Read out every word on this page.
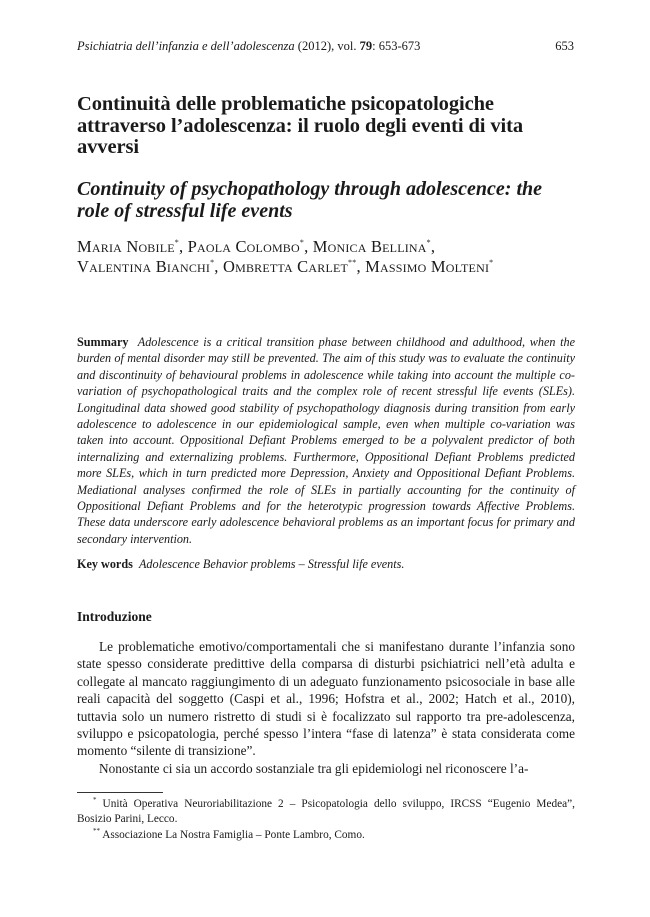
Psichiatria dell’infanzia e dell’adolescenza (2012), vol. 79: 653-673	653
Continuità delle problematiche psicopatologiche attraverso l’adolescenza: il ruolo degli eventi di vita avversi
Continuity of psychopathology through adolescence: the role of stressful life events
Maria Nobile*, Paola Colombo*, Monica Bellina*,
Valentina Bianchi*, Ombretta Carlet**, Massimo Molteni*
Summary Adolescence is a critical transition phase between childhood and adulthood, when the burden of mental disorder may still be prevented. The aim of this study was to evaluate the continuity and discontinuity of behavioural problems in adolescence while taking into account the multiple co-variation of psychopathological traits and the complex role of recent stressful life events (SLEs). Longitudinal data showed good stability of psychopathology diagnosis during transition from early adolescence to adolescence in our epidemiological sample, even when multiple co-variation was taken into account. Oppositional Defiant Problems emerged to be a polyvalent predictor of both internalizing and externalizing problems. Furthermore, Oppositional Defiant Problems predicted more SLEs, which in turn predicted more Depression, Anxiety and Oppositional Defiant Problems. Mediational analyses confirmed the role of SLEs in partially accounting for the continuity of Oppositional Defiant Problems and for the heterotypic progression towards Affective Problems. These data underscore early adolescence behavioral problems as an important focus for primary and secondary intervention.
Key words Adolescence Behavior problems – Stressful life events.
Introduzione

Le problematiche emotivo/comportamentali che si manifestano durante l’infanzia sono state spesso considerate predittive della comparsa di disturbi psichiatrici nell’età adulta e collegate al mancato raggiungimento di un adeguato funzionamento psicosociale in base alle reali capacità del soggetto (Caspi et al., 1996; Hofstra et al., 2002; Hatch et al., 2010), tuttavia solo un numero ristretto di studi si è focalizzato sul rapporto tra pre-adolescenza, sviluppo e psicopatologia, perché spesso l’intera “fase di latenza” è stata considerata come momento “silente di transizione”.

Nonostante ci sia un accordo sostanziale tra gli epidemiologi nel riconoscere l’a-

* Unità Operativa Neuroriabilitazione 2 – Psicopatologia dello sviluppo, IRCSS “Eugenio Medea”, Bosizio Parini, Lecco.

** Associazione La Nostra Famiglia – Ponte Lambro, Como.
